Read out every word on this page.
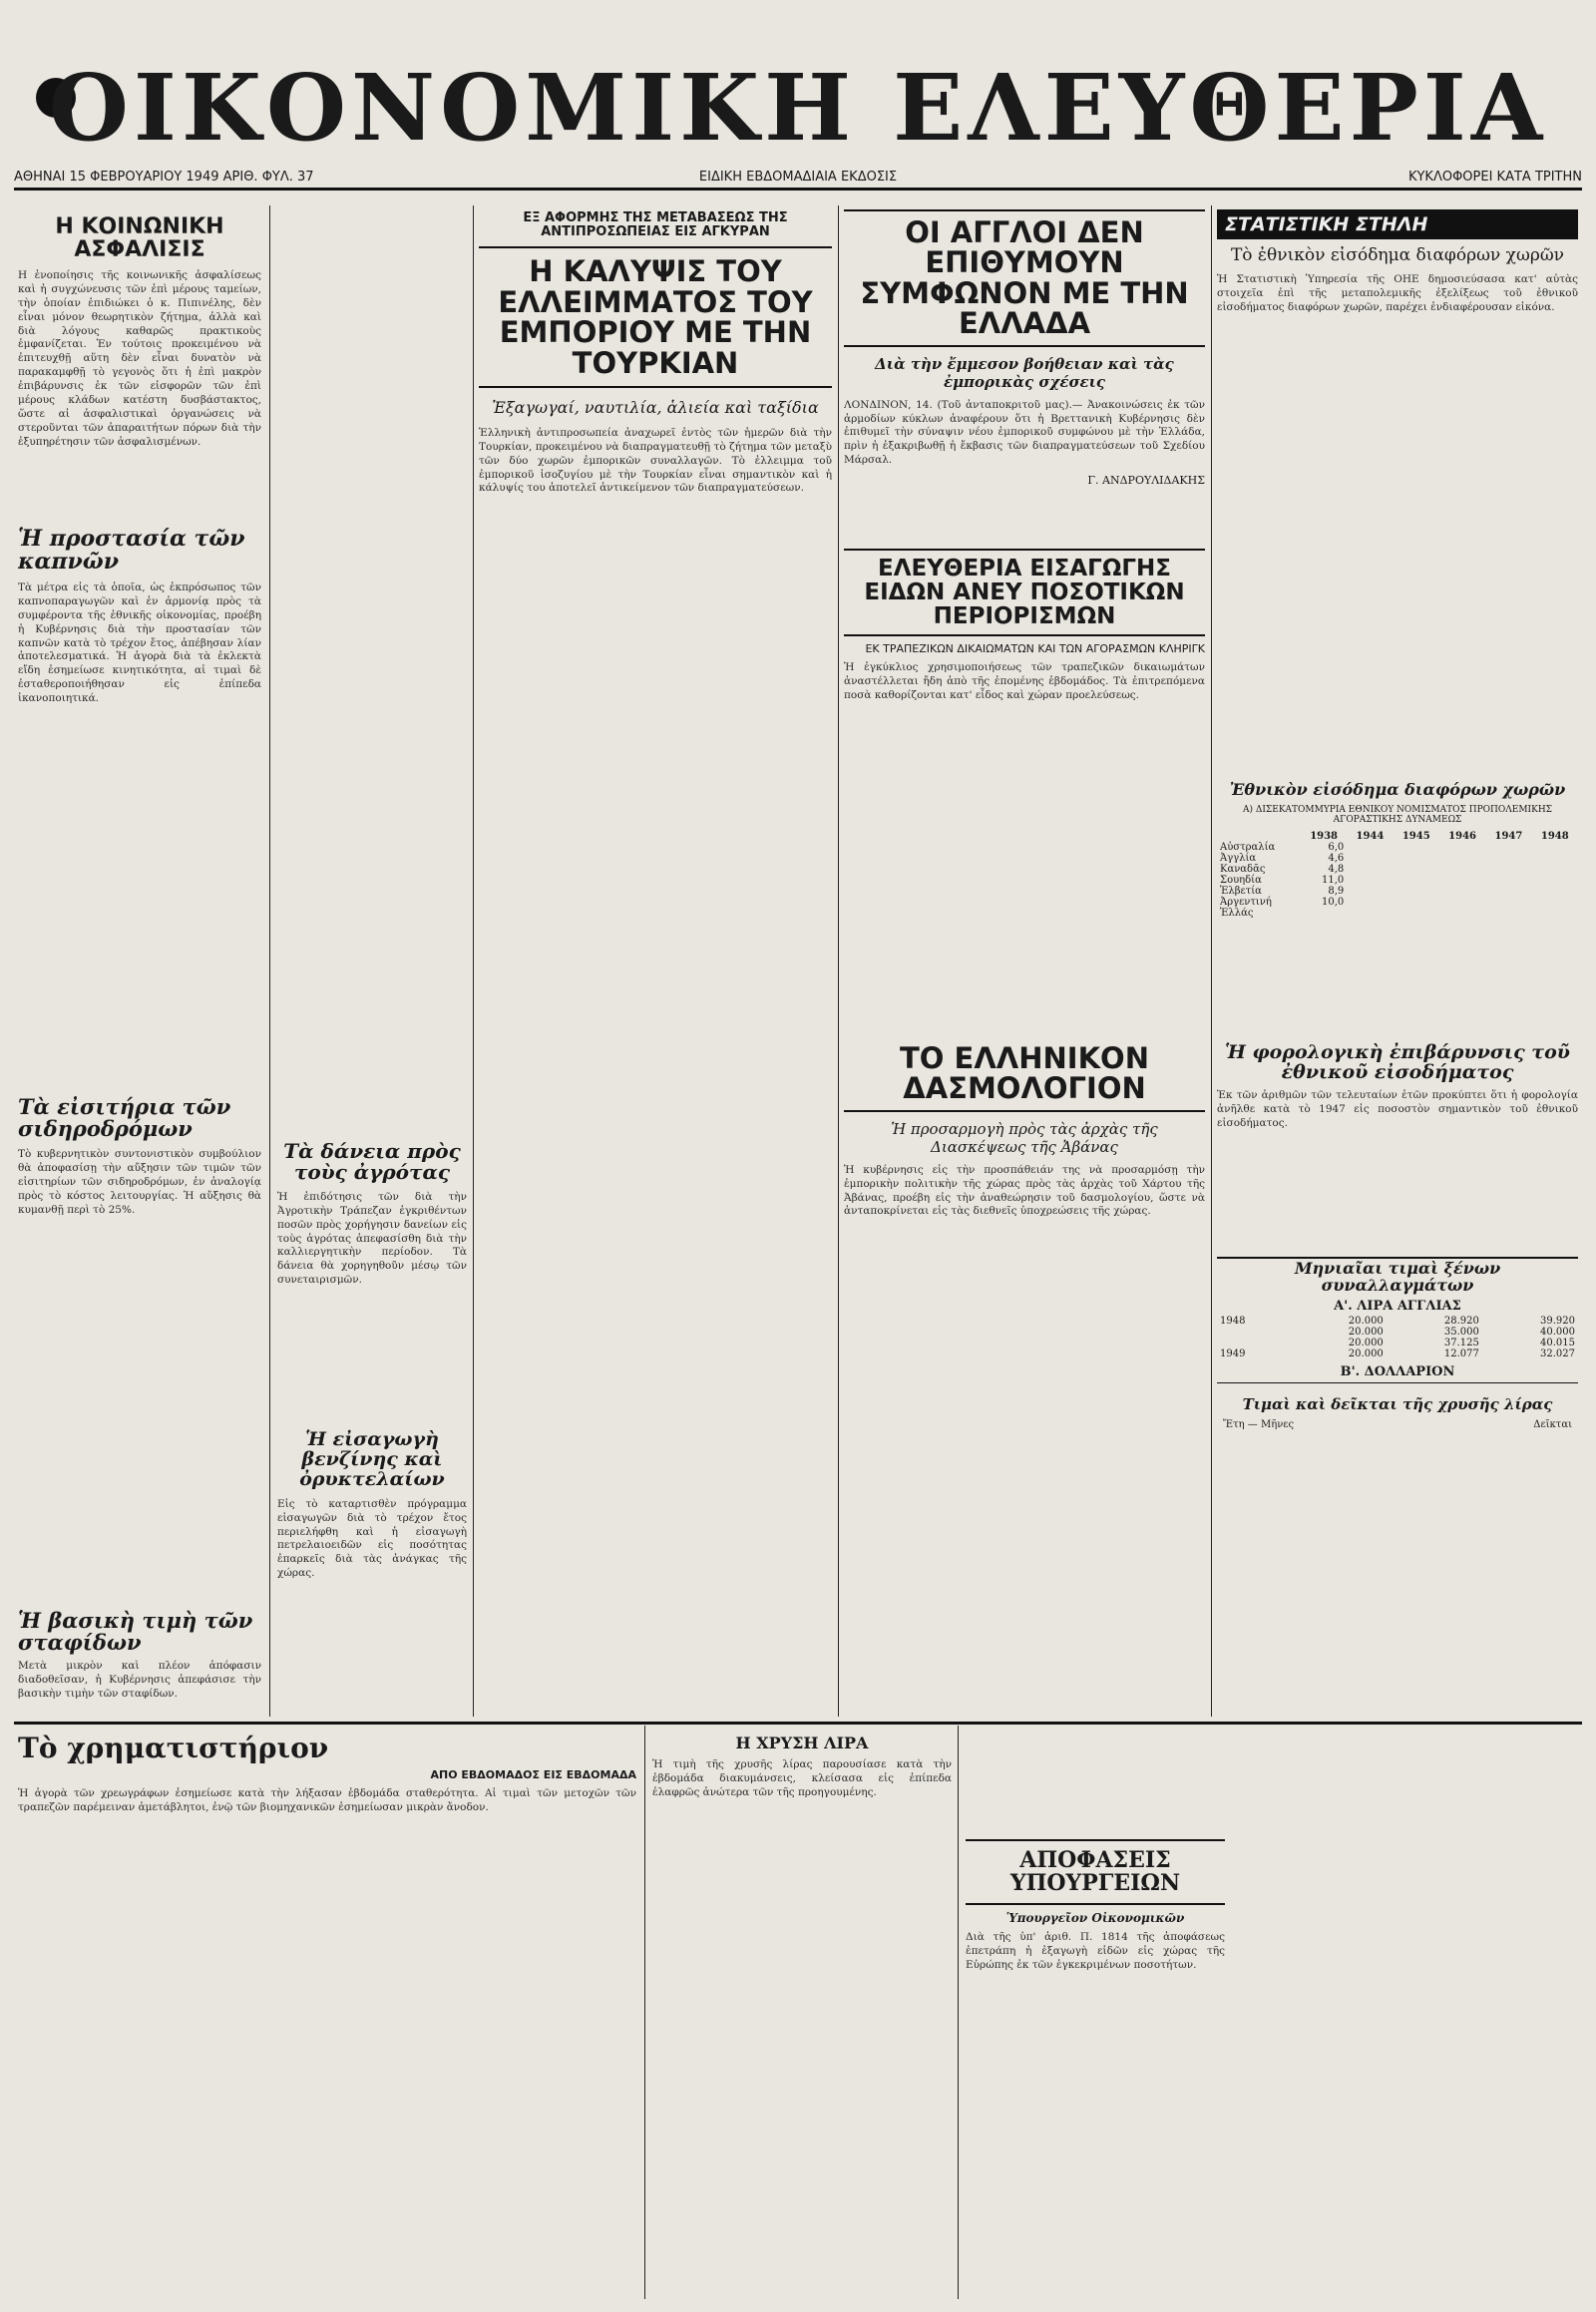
ΟΙΚΟΝΟΜΙΚΗ ΕΛΕΥΘΕΡΙΑ
ΑΘΗΝΑΙ 15 ΦΕΒΡΟΥΑΡΙΟΥ 1949 ΑΡΙΘ. ΦΥΛ. 37	ΕΙΔΙΚΗ ΕΒΔΟΜΑΔΙΑΙΑ ΕΚΔΟΣΙΣ	ΚΥΚΛΟΦΟΡΕΙ ΚΑΤΑ ΤΡΙΤΗΝ
Η ΚΟΙΝΩΝΙΚΗ ΑΣΦΑΛΙΣΙΣ
Η ἐνοποίησις τῆς κοινωνικῆς ἀσφαλίσεως καὶ ἡ συγχώνευσις τῶν ἐπὶ μέρους ταμείων, τὴν ὁποίαν ἐπιδιώκει ὁ κ. Πιπινέλης, δὲν εἶναι μόνον θεωρητικὸν ζήτημα, ἀλλὰ καὶ διὰ λόγους καθαρῶς πρακτικοὺς ἐμφανίζεται. Ἐν τούτοις προκειμένου νὰ ἐπιτευχθῇ αὕτη δὲν εἶναι δυνατὸν νὰ παρακαμφθῇ τὸ γεγονὸς ὅτι ἡ ἐπὶ μακρὸν ἐπιβάρυνσις ἐκ τῶν εἰσφορῶν τῶν ἐπὶ μέρους κλάδων κατέστη δυσβάστακτος, ὥστε αἱ ἀσφαλιστικαὶ ὀργανώσεις νὰ στεροῦνται τῶν ἀπαραιτήτων πόρων διὰ τὴν ἐξυπηρέτησιν τῶν ἀσφαλισμένων.
Ἡ προστασία τῶν καπνῶν
Τὰ μέτρα εἰς τὰ ὁποῖα, ὡς ἐκπρόσωπος τῶν καπνοπαραγωγῶν καὶ ἐν ἀρμονίᾳ πρὸς τὰ συμφέροντα τῆς ἐθνικῆς οἰκονομίας, προέβη ἡ Κυβέρνησις διὰ τὴν προστασίαν τῶν καπνῶν κατὰ τὸ τρέχον ἔτος, ἀπέβησαν λίαν ἀποτελεσματικά. Ἡ ἀγορὰ διὰ τὰ ἐκλεκτὰ εἴδη ἐσημείωσε κινητικότητα, αἱ τιμαὶ δὲ ἐσταθεροποιήθησαν εἰς ἐπίπεδα ἱκανοποιητικά.
Τὰ εἰσιτήρια τῶν σιδηροδρόμων
Τὸ κυβερνητικὸν συντονιστικὸν συμβούλιον θὰ ἀποφασίσῃ τὴν αὔξησιν τῶν τιμῶν τῶν εἰσιτηρίων τῶν σιδηροδρόμων, ἐν ἀναλογίᾳ πρὸς τὸ κόστος λειτουργίας. Ἡ αὔξησις θὰ κυμανθῇ περὶ τὸ 25%.
Ἡ βασικὴ τιμὴ τῶν σταφίδων
Μετὰ μικρὸν καὶ πλέον ἀπόφασιν διαδοθεῖσαν, ἡ Κυβέρνησις ἀπεφάσισε τὴν βασικὴν τιμὴν τῶν σταφίδων.
Τὰ δάνεια πρὸς τοὺς ἀγρότας
Ἡ ἐπιδότησις τῶν διὰ τὴν Ἀγροτικὴν Τράπεζαν ἐγκριθέντων ποσῶν πρὸς χορήγησιν δανείων εἰς τοὺς ἀγρότας ἀπεφασίσθη διὰ τὴν καλλιεργητικὴν περίοδον. Τὰ δάνεια θὰ χορηγηθοῦν μέσῳ τῶν συνεταιρισμῶν.
Ἡ εἰσαγωγὴ βενζίνης καὶ ὀρυκτελαίων
Εἰς τὸ καταρτισθὲν πρόγραμμα εἰσαγωγῶν διὰ τὸ τρέχον ἔτος περιελήφθη καὶ ἡ εἰσαγωγὴ πετρελαιοειδῶν εἰς ποσότητας ἐπαρκεῖς διὰ τὰς ἀνάγκας τῆς χώρας.
ΕΞ ΑΦΟΡΜΗΣ ΤΗΣ ΜΕΤΑΒΑΣΕΩΣ ΤΗΣ ΑΝΤΙΠΡΟΣΩΠΕΙΑΣ ΕΙΣ ΑΓΚΥΡΑΝ
Η ΚΑΛΥΨΙΣ ΤΟΥ ΕΛΛΕΙΜΜΑΤΟΣ ΤΟΥ ΕΜΠΟΡΙΟΥ ΜΕ ΤΗΝ ΤΟΥΡΚΙΑΝ
Ἐξαγωγαί, ναυτιλία, ἁλιεία καὶ ταξίδια
Ἑλληνικὴ ἀντιπροσωπεία ἀναχωρεῖ ἐντὸς τῶν ἡμερῶν διὰ τὴν Τουρκίαν, προκειμένου νὰ διαπραγματευθῇ τὸ ζήτημα τῶν μεταξὺ τῶν δύο χωρῶν ἐμπορικῶν συναλλαγῶν. Τὸ ἐλλειμμα τοῦ ἐμπορικοῦ ἰσοζυγίου μὲ τὴν Τουρκίαν εἶναι σημαντικὸν καὶ ἡ κάλυψίς του ἀποτελεῖ ἀντικείμενον τῶν διαπραγματεύσεων.
ΟΙ ΑΓΓΛΟΙ ΔΕΝ ΕΠΙΘΥΜΟΥΝ ΣΥΜΦΩΝΟΝ ΜΕ ΤΗΝ ΕΛΛΑΔΑ
Διὰ τὴν ἔμμεσον βοήθειαν καὶ τὰς ἐμπορικὰς σχέσεις
ΛΟΝΔΙΝΟΝ, 14. (Τοῦ ἀνταποκριτοῦ μας).— Ἀνακοινώσεις ἐκ τῶν ἁρμοδίων κύκλων ἀναφέρουν ὅτι ἡ Βρεττανικὴ Κυβέρνησις δὲν ἐπιθυμεῖ τὴν σύναψιν νέου ἐμπορικοῦ συμφώνου μὲ τὴν Ἑλλάδα, πρὶν ἡ ἐξακριβωθῇ ἡ ἔκβασις τῶν διαπραγματεύσεων τοῦ Σχεδίου Μάρσαλ.
Γ. ΑΝΔΡΟΥΛΙΔΑΚΗΣ
ΕΛΕΥΘΕΡΙΑ ΕΙΣΑΓΩΓΗΣ ΕΙΔΩΝ ΑΝΕΥ ΠΟΣΟΤΙΚΩΝ ΠΕΡΙΟΡΙΣΜΩΝ
ΕΚ ΤΡΑΠΕΖΙΚΩΝ ΔΙΚΑΙΩΜΑΤΩΝ ΚΑΙ ΤΩΝ ΑΓΟΡΑΣΜΩΝ ΚΛΗΡΙΓΚ
Ἡ ἐγκύκλιος χρησιμοποιήσεως τῶν τραπεζικῶν δικαιωμάτων ἀναστέλλεται ἤδη ἀπὸ τῆς ἐπομένης ἑβδομάδος. Τὰ ἐπιτρεπόμενα ποσὰ καθορίζονται κατ' εἶδος καὶ χώραν προελεύσεως.
ΤΟ ΕΛΛΗΝΙΚΟΝ ΔΑΣΜΟΛΟΓΙΟΝ
Ἡ προσαρμογὴ πρὸς τὰς ἀρχὰς τῆς Διασκέψεως τῆς Ἀβάνας
Ἡ κυβέρνησις εἰς τὴν προσπάθειάν της νὰ προσαρμόσῃ τὴν ἐμπορικὴν πολιτικὴν τῆς χώρας πρὸς τὰς ἀρχὰς τοῦ Χάρτου τῆς Ἀβάνας, προέβη εἰς τὴν ἀναθεώρησιν τοῦ δασμολογίου, ὥστε νὰ ἀνταποκρίνεται εἰς τὰς διεθνεῖς ὑποχρεώσεις τῆς χώρας.
ΣΤΑΤΙΣΤΙΚΗ ΣΤΗΛΗ
Τὸ ἐθνικὸν εἰσόδημα διαφόρων χωρῶν
Ἡ Στατιστικὴ Ὑπηρεσία τῆς ΟΗΕ δημοσιεύσασα κατ' αὐτὰς στοιχεῖα ἐπὶ τῆς μεταπολεμικῆς ἐξελίξεως τοῦ ἐθνικοῦ εἰσοδήματος διαφόρων χωρῶν, παρέχει ἐνδιαφέρουσαν εἰκόνα.
Ἐθνικὸν εἰσόδημα διαφόρων χωρῶν
Α) ΔΙΣΕΚΑΤΟΜΜΥΡΙΑ ΕΘΝΙΚΟΥ ΝΟΜΙΣΜΑΤΟΣ ΠΡΟΠΟΛΕΜΙΚΗΣ ΑΓΟΡΑΣΤΙΚΗΣ ΔΥΝΑΜΕΩΣ
	1938	1944	1945	1946	1947	1948
Αὐστραλία	6,0					
Ἀγγλία	4,6					
Καναδᾶς	4,8					
Σουηδία	11,0					
Ἑλβετία	8,9					
Ἀργεντινή	10,0					
Ἑλλάς						
Ἡ φορολογικὴ ἐπιβάρυνσις τοῦ ἐθνικοῦ εἰσοδήματος
Ἐκ τῶν ἀριθμῶν τῶν τελευταίων ἐτῶν προκύπτει ὅτι ἡ φορολογία ἀνῆλθε κατὰ τὸ 1947 εἰς ποσοστὸν σημαντικὸν τοῦ ἐθνικοῦ εἰσοδήματος.
Μηνιαῖαι τιμαὶ ξένων συναλλαγμάτων
Α'. ΛΙΡΑ ΑΓΓΛΙΑΣ
1948	20.000	28.920	39.920
	20.000	35.000	40.000
	20.000	37.125	40.015
1949	20.000	12.077	32.027
Β'. ΔΟΛΛΑΡΙΟΝ
Τιμαὶ καὶ δεῖκται τῆς χρυσῆς λίρας
Ἔτη — Μῆνες	Δεῖκται
Τὸ χρηματιστήριον
ΑΠΟ ΕΒΔΟΜΑΔΟΣ ΕΙΣ ΕΒΔΟΜΑΔΑ
Ἡ ἀγορὰ τῶν χρεωγράφων ἐσημείωσε κατὰ τὴν λήξασαν ἑβδομάδα σταθερότητα. Αἱ τιμαὶ τῶν μετοχῶν τῶν τραπεζῶν παρέμειναν ἀμετάβλητοι, ἐνῷ τῶν βιομηχανικῶν ἐσημείωσαν μικρὰν ἄνοδον.
Η ΧΡΥΣΗ ΛΙΡΑ
Ἡ τιμὴ τῆς χρυσῆς λίρας παρουσίασε κατὰ τὴν ἑβδομάδα διακυμάνσεις, κλείσασα εἰς ἐπίπεδα ἐλαφρῶς ἀνώτερα τῶν τῆς προηγουμένης.
ΑΠΟΦΑΣΕΙΣ ΥΠΟΥΡΓΕΙΩΝ
Ὑπουργεῖον Οἰκονομικῶν
Διὰ τῆς ὑπ' ἀριθ. Π. 1814 τῆς ἀποφάσεως ἐπετράπη ἡ ἐξαγωγὴ εἰδῶν εἰς χώρας τῆς Εὐρώπης ἐκ τῶν ἐγκεκριμένων ποσοτήτων.
